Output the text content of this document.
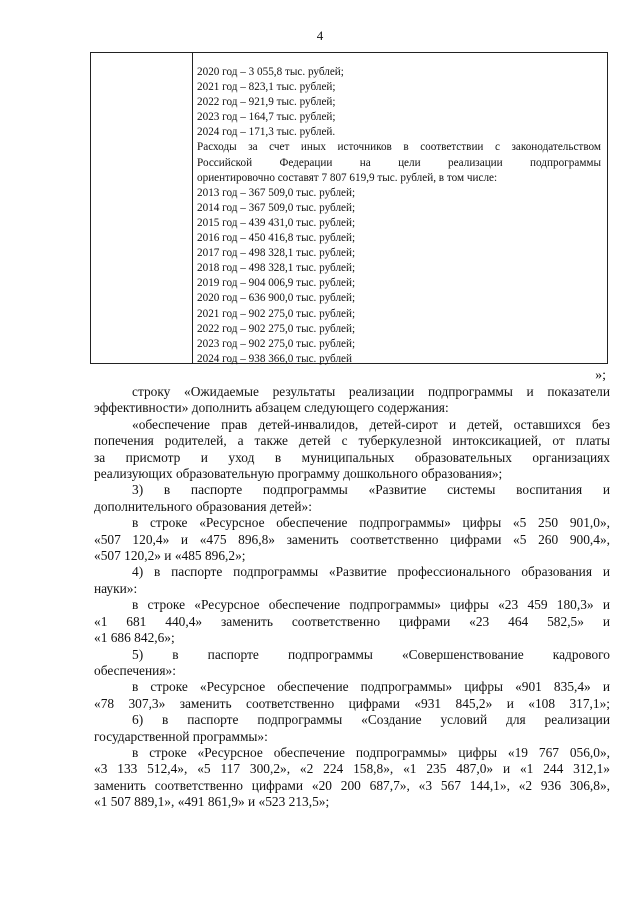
4
2020 год – 3 055,8 тыс. рублей;
2021 год – 823,1 тыс. рублей;
2022 год – 921,9 тыс. рублей;
2023 год – 164,7 тыс. рублей;
2024 год – 171,3 тыс. рублей.
Расходы за счет иных источников в соответствии с законодательством
Российской Федерации на цели реализации подпрограммы
ориентировочно составят 7 807 619,9 тыс. рублей, в том числе:
2013 год – 367 509,0 тыс. рублей;
2014 год – 367 509,0 тыс. рублей;
2015 год – 439 431,0 тыс. рублей;
2016 год – 450 416,8 тыс. рублей;
2017 год – 498 328,1 тыс. рублей;
2018 год – 498 328,1 тыс. рублей;
2019 год – 904 006,9 тыс. рублей;
2020 год – 636 900,0 тыс. рублей;
2021 год – 902 275,0 тыс. рублей;
2022 год – 902 275,0 тыс. рублей;
2023 год – 902 275,0 тыс. рублей;
2024 год – 938 366,0 тыс. рублей
»;
строку «Ожидаемые результаты реализации подпрограммы и показатели
эффективности» дополнить абзацем следующего содержания:
«обеспечение прав детей-инвалидов, детей-сирот и детей, оставшихся без
попечения родителей, а также детей с туберкулезной интоксикацией, от платы
за присмотр и уход в муниципальных образовательных организациях
реализующих образовательную программу дошкольного образования»;
3) в паспорте подпрограммы «Развитие системы воспитания и
дополнительного образования детей»:
в строке «Ресурсное обеспечение подпрограммы» цифры «5 250 901,0»,
«507 120,4» и «475 896,8» заменить соответственно цифрами «5 260 900,4»,
«507 120,2» и «485 896,2»;
4) в паспорте подпрограммы «Развитие профессионального образования и
науки»:
в строке «Ресурсное обеспечение подпрограммы» цифры «23 459 180,3» и
«1 681 440,4» заменить соответственно цифрами «23 464 582,5» и
«1 686 842,6»;
5) в паспорте подпрограммы «Совершенствование кадрового
обеспечения»:
в строке «Ресурсное обеспечение подпрограммы» цифры «901 835,4» и
«78 307,3» заменить соответственно цифрами «931 845,2» и «108 317,1»;
6) в паспорте подпрограммы «Создание условий для реализации
государственной программы»:
в строке «Ресурсное обеспечение подпрограммы» цифры «19 767 056,0»,
«3 133 512,4», «5 117 300,2», «2 224 158,8», «1 235 487,0» и «1 244 312,1»
заменить соответственно цифрами «20 200 687,7», «3 567 144,1», «2 936 306,8»,
«1 507 889,1», «491 861,9» и «523 213,5»;
